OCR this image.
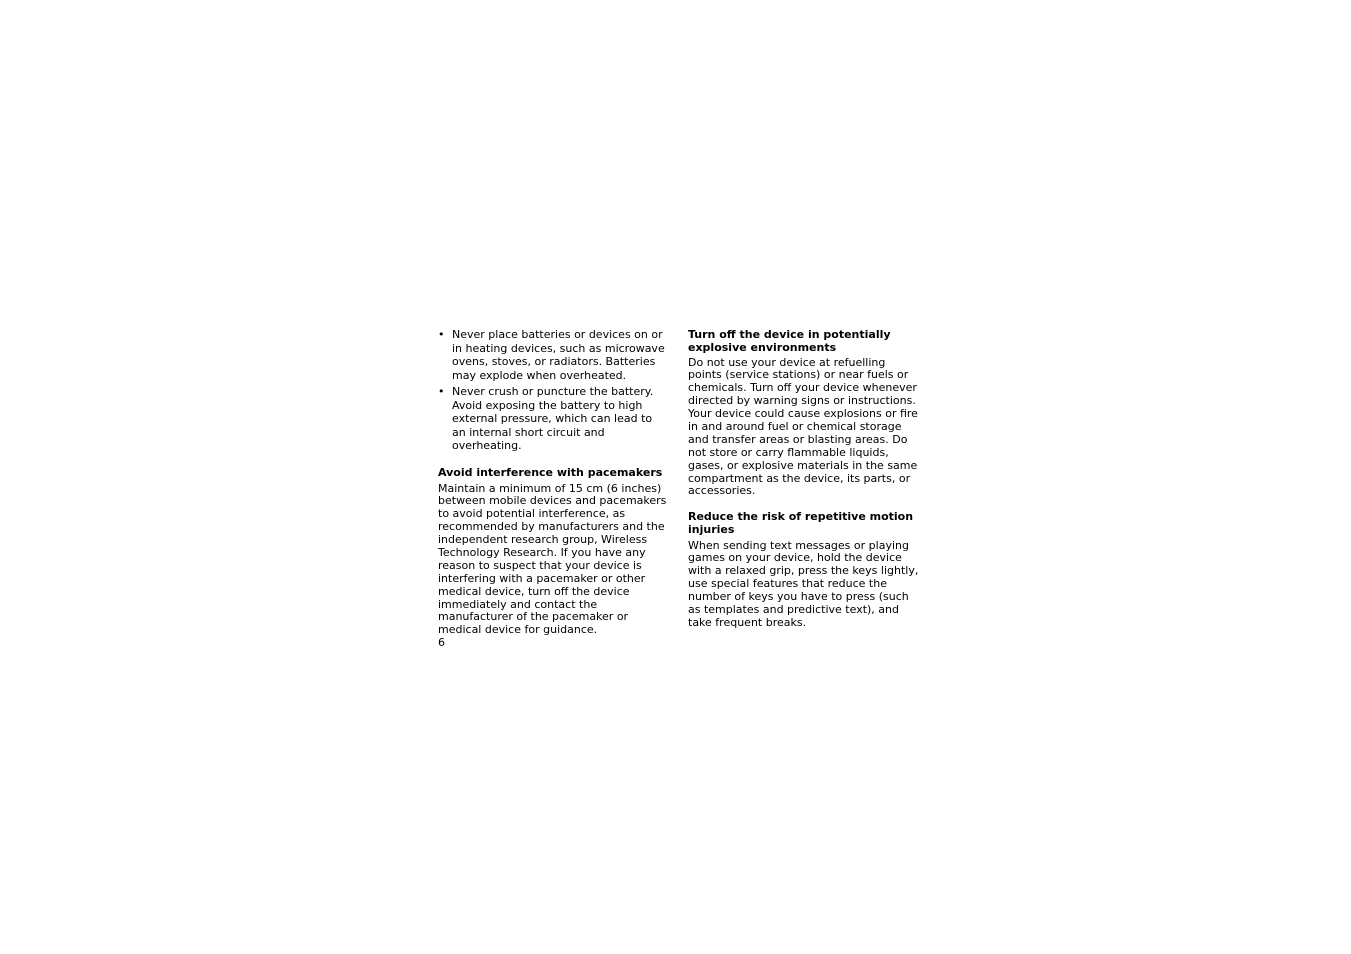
• Never place batteries or devices on or
in heating devices, such as microwave
ovens, stoves, or radiators. Batteries
may explode when overheated.
• Never crush or puncture the battery.
Avoid exposing the battery to high
external pressure, which can lead to
an internal short circuit and
overheating.
Avoid interference with pacemakers
Maintain a minimum of 15 cm (6 inches)
between mobile devices and pacemakers
to avoid potential interference, as
recommended by manufacturers and the
independent research group, Wireless
Technology Research. If you have any
reason to suspect that your device is
interfering with a pacemaker or other
medical device, turn off the device
immediately and contact the
manufacturer of the pacemaker or
medical device for guidance.
6
Turn off the device in potentially
explosive environments
Do not use your device at refuelling
points (service stations) or near fuels or
chemicals. Turn off your device whenever
directed by warning signs or instructions.
Your device could cause explosions or fire
in and around fuel or chemical storage
and transfer areas or blasting areas. Do
not store or carry flammable liquids,
gases, or explosive materials in the same
compartment as the device, its parts, or
accessories.
Reduce the risk of repetitive motion
injuries
When sending text messages or playing
games on your device, hold the device
with a relaxed grip, press the keys lightly,
use special features that reduce the
number of keys you have to press (such
as templates and predictive text), and
take frequent breaks.
